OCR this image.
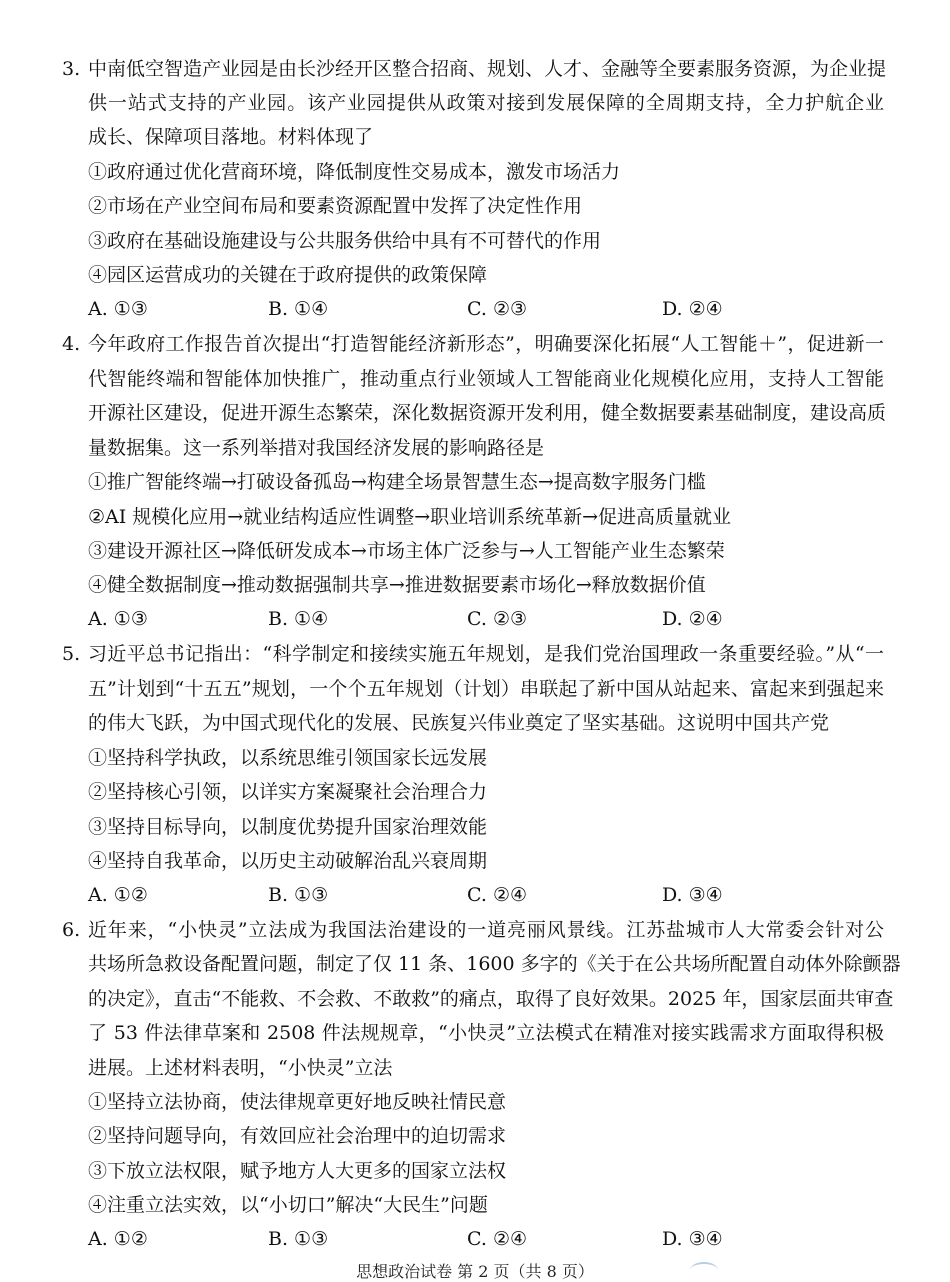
3. 中南低空智造产业园是由长沙经开区整合招商、规划、人才、金融等全要素服务资源，为企业提
供一站式支持的产业园。该产业园提供从政策对接到发展保障的全周期支持，全力护航企业
成长、保障项目落地。材料体现了
①政府通过优化营商环境，降低制度性交易成本，激发市场活力
②市场在产业空间布局和要素资源配置中发挥了决定性作用
③政府在基础设施建设与公共服务供给中具有不可替代的作用
④园区运营成功的关键在于政府提供的政策保障
A. ①③	B. ①④	C. ②③	D. ②④
4. 今年政府工作报告首次提出“打造智能经济新形态”，明确要深化拓展“人工智能＋”，促进新一
代智能终端和智能体加快推广，推动重点行业领域人工智能商业化规模化应用，支持人工智能
开源社区建设，促进开源生态繁荣，深化数据资源开发利用，健全数据要素基础制度，建设高质
量数据集。这一系列举措对我国经济发展的影响路径是
①推广智能终端→打破设备孤岛→构建全场景智慧生态→提高数字服务门槛
②AI 规模化应用→就业结构适应性调整→职业培训系统革新→促进高质量就业
③建设开源社区→降低研发成本→市场主体广泛参与→人工智能产业生态繁荣
④健全数据制度→推动数据强制共享→推进数据要素市场化→释放数据价值
A. ①③	B. ①④	C. ②③	D. ②④
5. 习近平总书记指出：“科学制定和接续实施五年规划，是我们党治国理政一条重要经验。”从“一
五”计划到“十五五”规划，一个个五年规划（计划）串联起了新中国从站起来、富起来到强起来
的伟大飞跃，为中国式现代化的发展、民族复兴伟业奠定了坚实基础。这说明中国共产党
①坚持科学执政，以系统思维引领国家长远发展
②坚持核心引领，以详实方案凝聚社会治理合力
③坚持目标导向，以制度优势提升国家治理效能
④坚持自我革命，以历史主动破解治乱兴衰周期
A. ①②	B. ①③	C. ②④	D. ③④
6. 近年来，“小快灵”立法成为我国法治建设的一道亮丽风景线。江苏盐城市人大常委会针对公
共场所急救设备配置问题，制定了仅 11 条、1600 多字的《关于在公共场所配置自动体外除颤器
的决定》，直击“不能救、不会救、不敢救”的痛点，取得了良好效果。2025 年，国家层面共审查
了 53 件法律草案和 2508 件法规规章，“小快灵”立法模式在精准对接实践需求方面取得积极
进展。上述材料表明，“小快灵”立法
①坚持立法协商，使法律规章更好地反映社情民意
②坚持问题导向，有效回应社会治理中的迫切需求
③下放立法权限，赋予地方人大更多的国家立法权
④注重立法实效，以“小切口”解决“大民生”问题
A. ①②	B. ①③	C. ②④	D. ③④
思想政治试卷 第 2 页（共 8 页）
